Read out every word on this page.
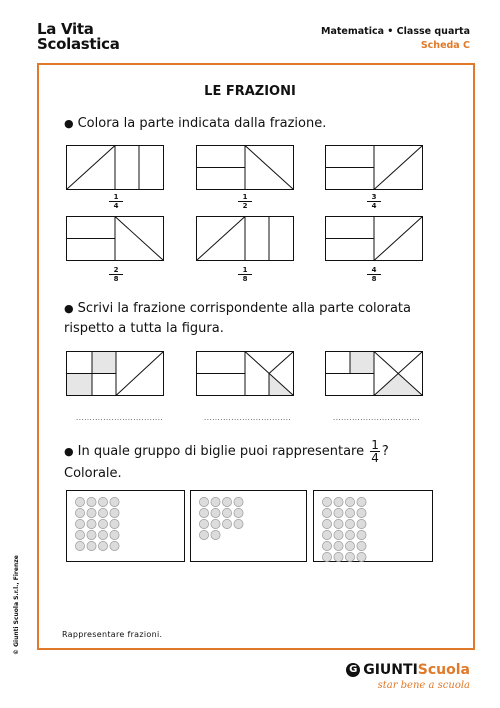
La Vita
Scolastica
Matematica • Classe quarta
Scheda C
LE FRAZIONI
● Colora la parte indicata dalla frazione.
$\frac{1}{4}$	$\frac{1}{2}$	$\frac{3}{4}$
$\frac{2}{8}$	$\frac{1}{8}$	$\frac{4}{8}$
● Scrivi la frazione corrispondente alla parte colorata
rispetto a tutta la figura.
................................	................................	................................
● In quale gruppo di biglie puoi rappresentare $\frac{1}{4}$ ?
Colorale.
Rappresentare frazioni.
© Giunti Scuola S.r.l., Firenze
G GIUNTIScuola
star bene a scuola
